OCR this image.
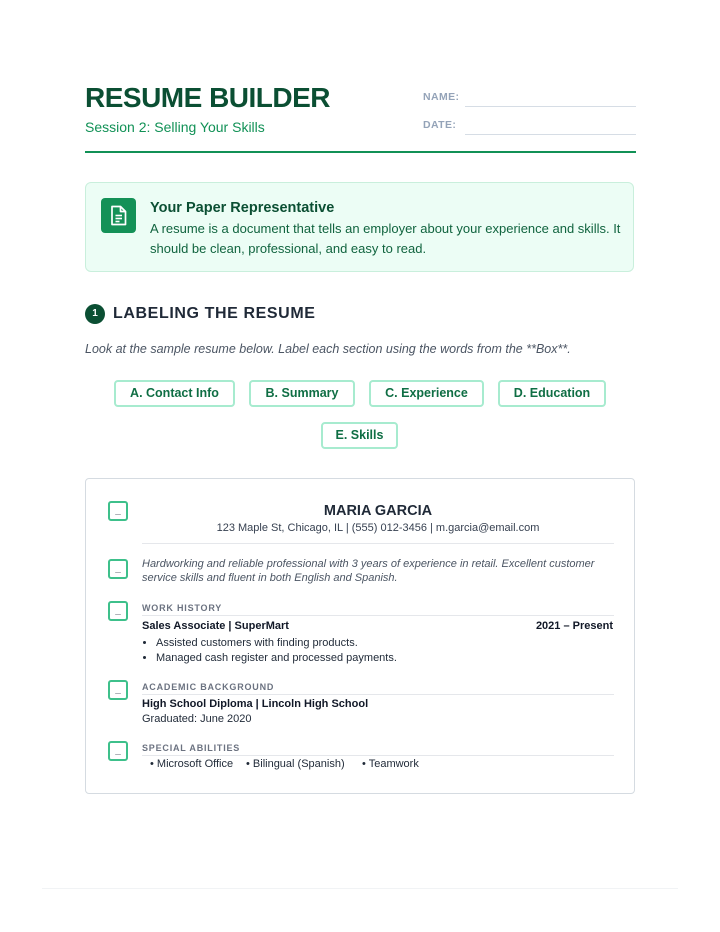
RESUME BUILDER
Session 2: Selling Your Skills
NAME:
DATE:
Your Paper Representative
A resume is a document that tells an employer about your experience and skills. It should be clean, professional, and easy to read.
1 LABELING THE RESUME
Look at the sample resume below. Label each section using the words from the **Box**.
A. Contact Info	B. Summary	C. Experience	D. Education
E. Skills
_	MARIA GARCIA
123 Maple St, Chicago, IL | (555) 012-3456 | m.garcia@email.com
_	Hardworking and reliable professional with 3 years of experience in retail. Excellent customer service skills and fluent in both English and Spanish.
_	WORK HISTORY
Sales Associate | SuperMart	2021 – Present
• Assisted customers with finding products.
• Managed cash register and processed payments.
_	ACADEMIC BACKGROUND
High School Diploma | Lincoln High School
Graduated: June 2020
_	SPECIAL ABILITIES
• Microsoft Office • Bilingual (Spanish) • Teamwork
